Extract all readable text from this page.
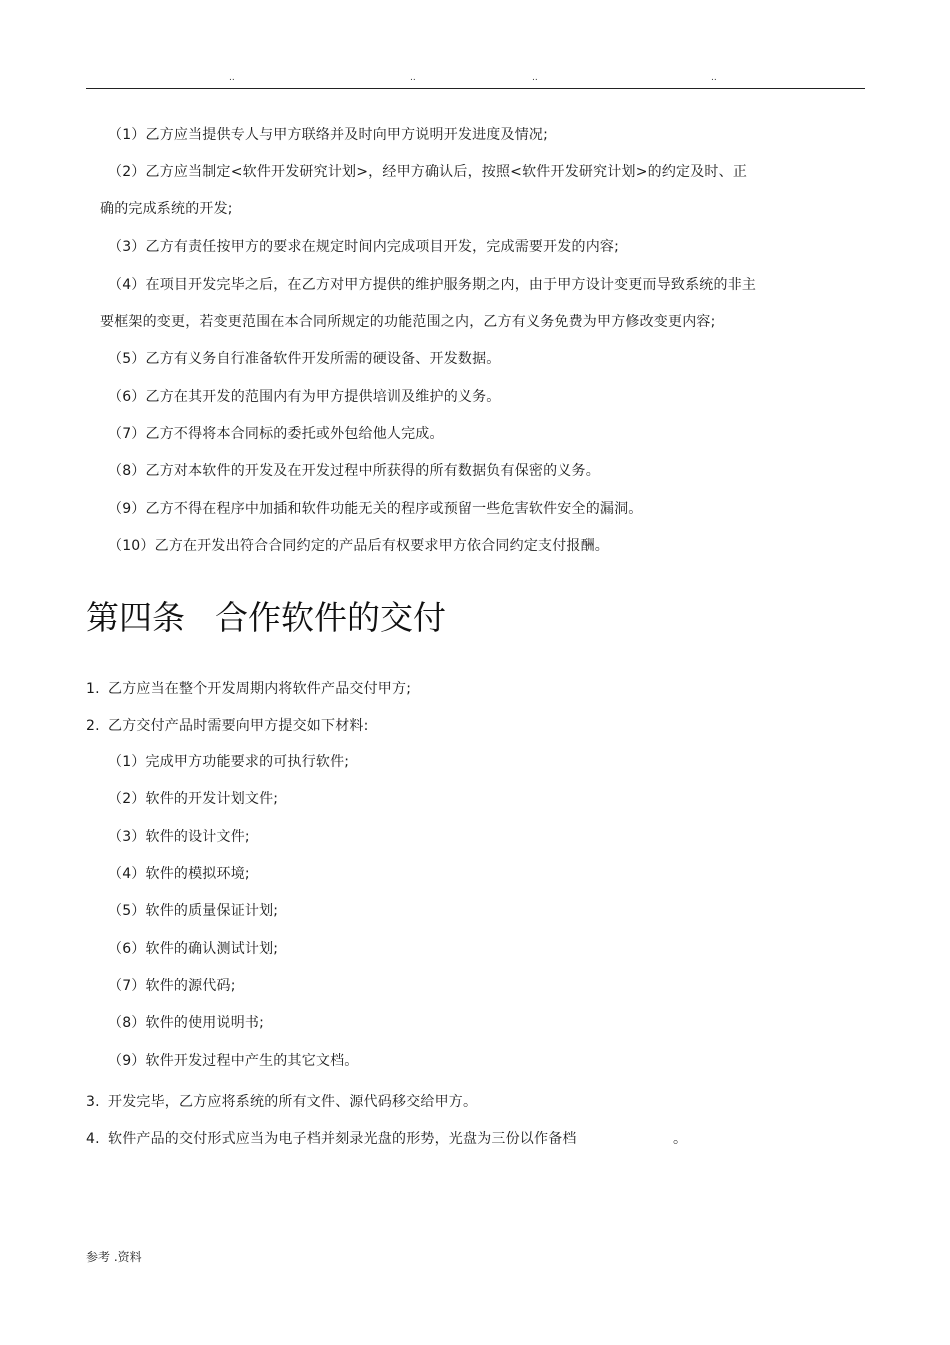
..	..	..	..
（1）乙方应当提供专人与甲方联络并及时向甲方说明开发进度及情况;
（2）乙方应当制定<软件开发研究计划>，经甲方确认后，按照<软件开发研究计划>的约定及时、正
确的完成系统的开发;
（3）乙方有责任按甲方的要求在规定时间内完成项目开发，完成需要开发的内容;
（4）在项目开发完毕之后，在乙方对甲方提供的维护服务期之内，由于甲方设计变更而导致系统的非主
要框架的变更，若变更范围在本合同所规定的功能范围之内，乙方有义务免费为甲方修改变更内容;
（5）乙方有义务自行准备软件开发所需的硬设备、开发数据。
（6）乙方在其开发的范围内有为甲方提供培训及维护的义务。
（7）乙方不得将本合同标的委托或外包给他人完成。
（8）乙方对本软件的开发及在开发过程中所获得的所有数据负有保密的义务。
（9）乙方不得在程序中加插和软件功能无关的程序或预留一些危害软件安全的漏洞。
（10）乙方在开发出符合合同约定的产品后有权要求甲方依合同约定支付报酬。
第四条 合作软件的交付
1. 乙方应当在整个开发周期内将软件产品交付甲方;
2. 乙方交付产品时需要向甲方提交如下材料:
（1）完成甲方功能要求的可执行软件;
（2）软件的开发计划文件;
（3）软件的设计文件;
（4）软件的模拟环境;
（5）软件的质量保证计划;
（6）软件的确认测试计划;
（7）软件的源代码;
（8）软件的使用说明书;
（9）软件开发过程中产生的其它文档。
3. 开发完毕，乙方应将系统的所有文件、源代码移交给甲方。
4. 软件产品的交付形式应当为电子档并刻录光盘的形势，光盘为三份以作备档	。
参考 .资料
